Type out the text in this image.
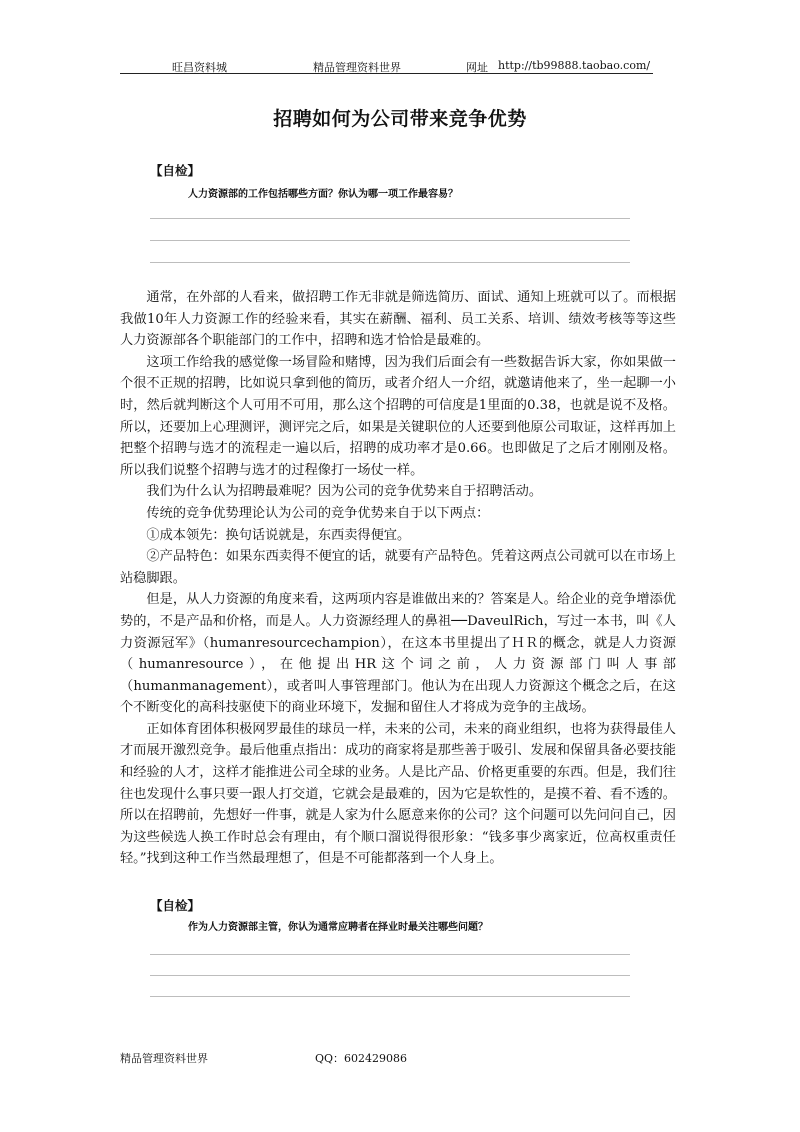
旺昌资料城	精品管理资料世界	网址 http://tb99888.taobao.com/
招聘如何为公司带来竞争优势
【自检】
人力资源部的工作包括哪些方面？你认为哪一项工作最容易？

通常，在外部的人看来，做招聘工作无非就是筛选简历、面试、通知上班就可以了。而根据我做10年人力资源工作的经验来看，其实在薪酬、福利、员工关系、培训、绩效考核等等这些人力资源部各个职能部门的工作中，招聘和选才恰恰是最难的。

这项工作给我的感觉像一场冒险和赌博，因为我们后面会有一些数据告诉大家，你如果做一个很不正规的招聘，比如说只拿到他的简历，或者介绍人一介绍，就邀请他来了，坐一起聊一小时，然后就判断这个人可用不可用，那么这个招聘的可信度是1里面的0.38，也就是说不及格。所以，还要加上心理测评，测评完之后，如果是关键职位的人还要到他原公司取证，这样再加上把整个招聘与选才的流程走一遍以后，招聘的成功率才是0.66。也即做足了之后才刚刚及格。所以我们说整个招聘与选才的过程像打一场仗一样。

我们为什么认为招聘最难呢？因为公司的竞争优势来自于招聘活动。

传统的竞争优势理论认为公司的竞争优势来自于以下两点：

①成本领先：换句话说就是，东西卖得便宜。

②产品特色：如果东西卖得不便宜的话，就要有产品特色。凭着这两点公司就可以在市场上站稳脚跟。

但是，从人力资源的角度来看，这两项内容是谁做出来的？答案是人。给企业的竞争增添优势的，不是产品和价格，而是人。人力资源经理人的鼻祖──DaveulRich，写过一本书，叫《人力资源冠军》（humanresourcechampion），在这本书里提出了ＨＲ的概念，就是人力资源（humanresource），在他提出HR这个词之前，人力资源部门叫人事部（humanmanagement），或者叫人事管理部门。他认为在出现人力资源这个概念之后，在这个不断变化的高科技驱使下的商业环境下，发掘和留住人才将成为竞争的主战场。

正如体育团体积极网罗最佳的球员一样，未来的公司，未来的商业组织，也将为获得最佳人才而展开激烈竞争。最后他重点指出：成功的商家将是那些善于吸引、发展和保留具备必要技能和经验的人才，这样才能推进公司全球的业务。人是比产品、价格更重要的东西。但是，我们往往也发现什么事只要一跟人打交道，它就会是最难的，因为它是软性的，是摸不着、看不透的。所以在招聘前，先想好一件事，就是人家为什么愿意来你的公司？这个问题可以先问问自己，因为这些候选人换工作时总会有理由，有个顺口溜说得很形象：“钱多事少离家近，位高权重责任轻。”找到这种工作当然最理想了，但是不可能都落到一个人身上。

【自检】
作为人力资源部主管，你认为通常应聘者在择业时最关注哪些问题？
精品管理资料世界	QQ：602429086
